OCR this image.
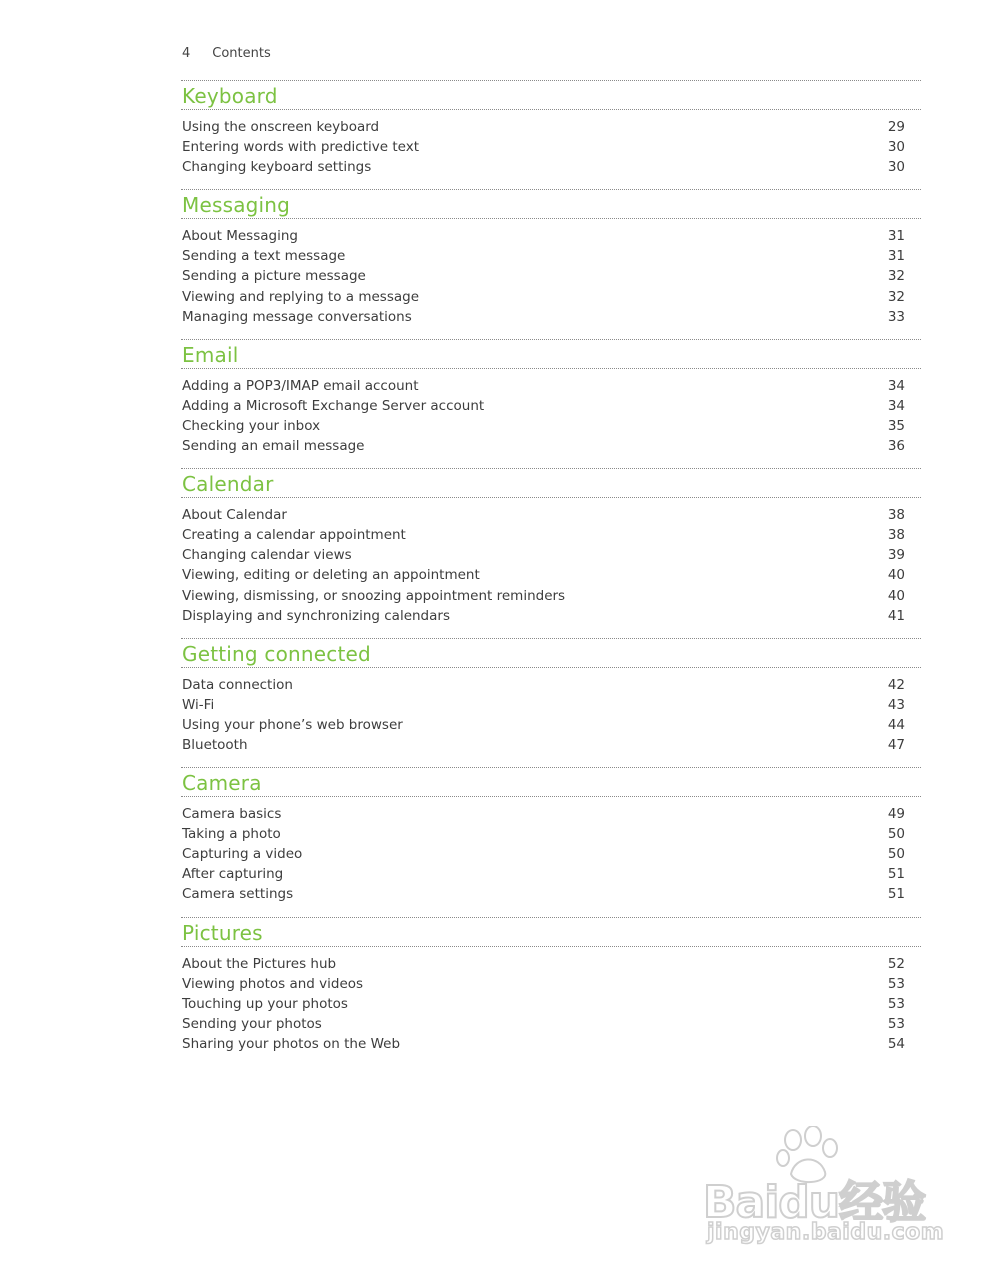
4 Contents
Keyboard
Using the onscreen keyboard	29
Entering words with predictive text	30
Changing keyboard settings	30
Messaging
About Messaging	31
Sending a text message	31
Sending a picture message	32
Viewing and replying to a message	32
Managing message conversations	33
Email
Adding a POP3/IMAP email account	34
Adding a Microsoft Exchange Server account	34
Checking your inbox	35
Sending an email message	36
Calendar
About Calendar	38
Creating a calendar appointment	38
Changing calendar views	39
Viewing, editing or deleting an appointment	40
Viewing, dismissing, or snoozing appointment reminders	40
Displaying and synchronizing calendars	41
Getting connected
Data connection	42
Wi-Fi	43
Using your phone’s web browser	44
Bluetooth	47
Camera
Camera basics	49
Taking a photo	50
Capturing a video	50
After capturing	51
Camera settings	51
Pictures
About the Pictures hub	52
Viewing photos and videos	53
Touching up your photos	53
Sending your photos	53
Sharing your photos on the Web	54
Baidu经验
jingyan.baidu.com
